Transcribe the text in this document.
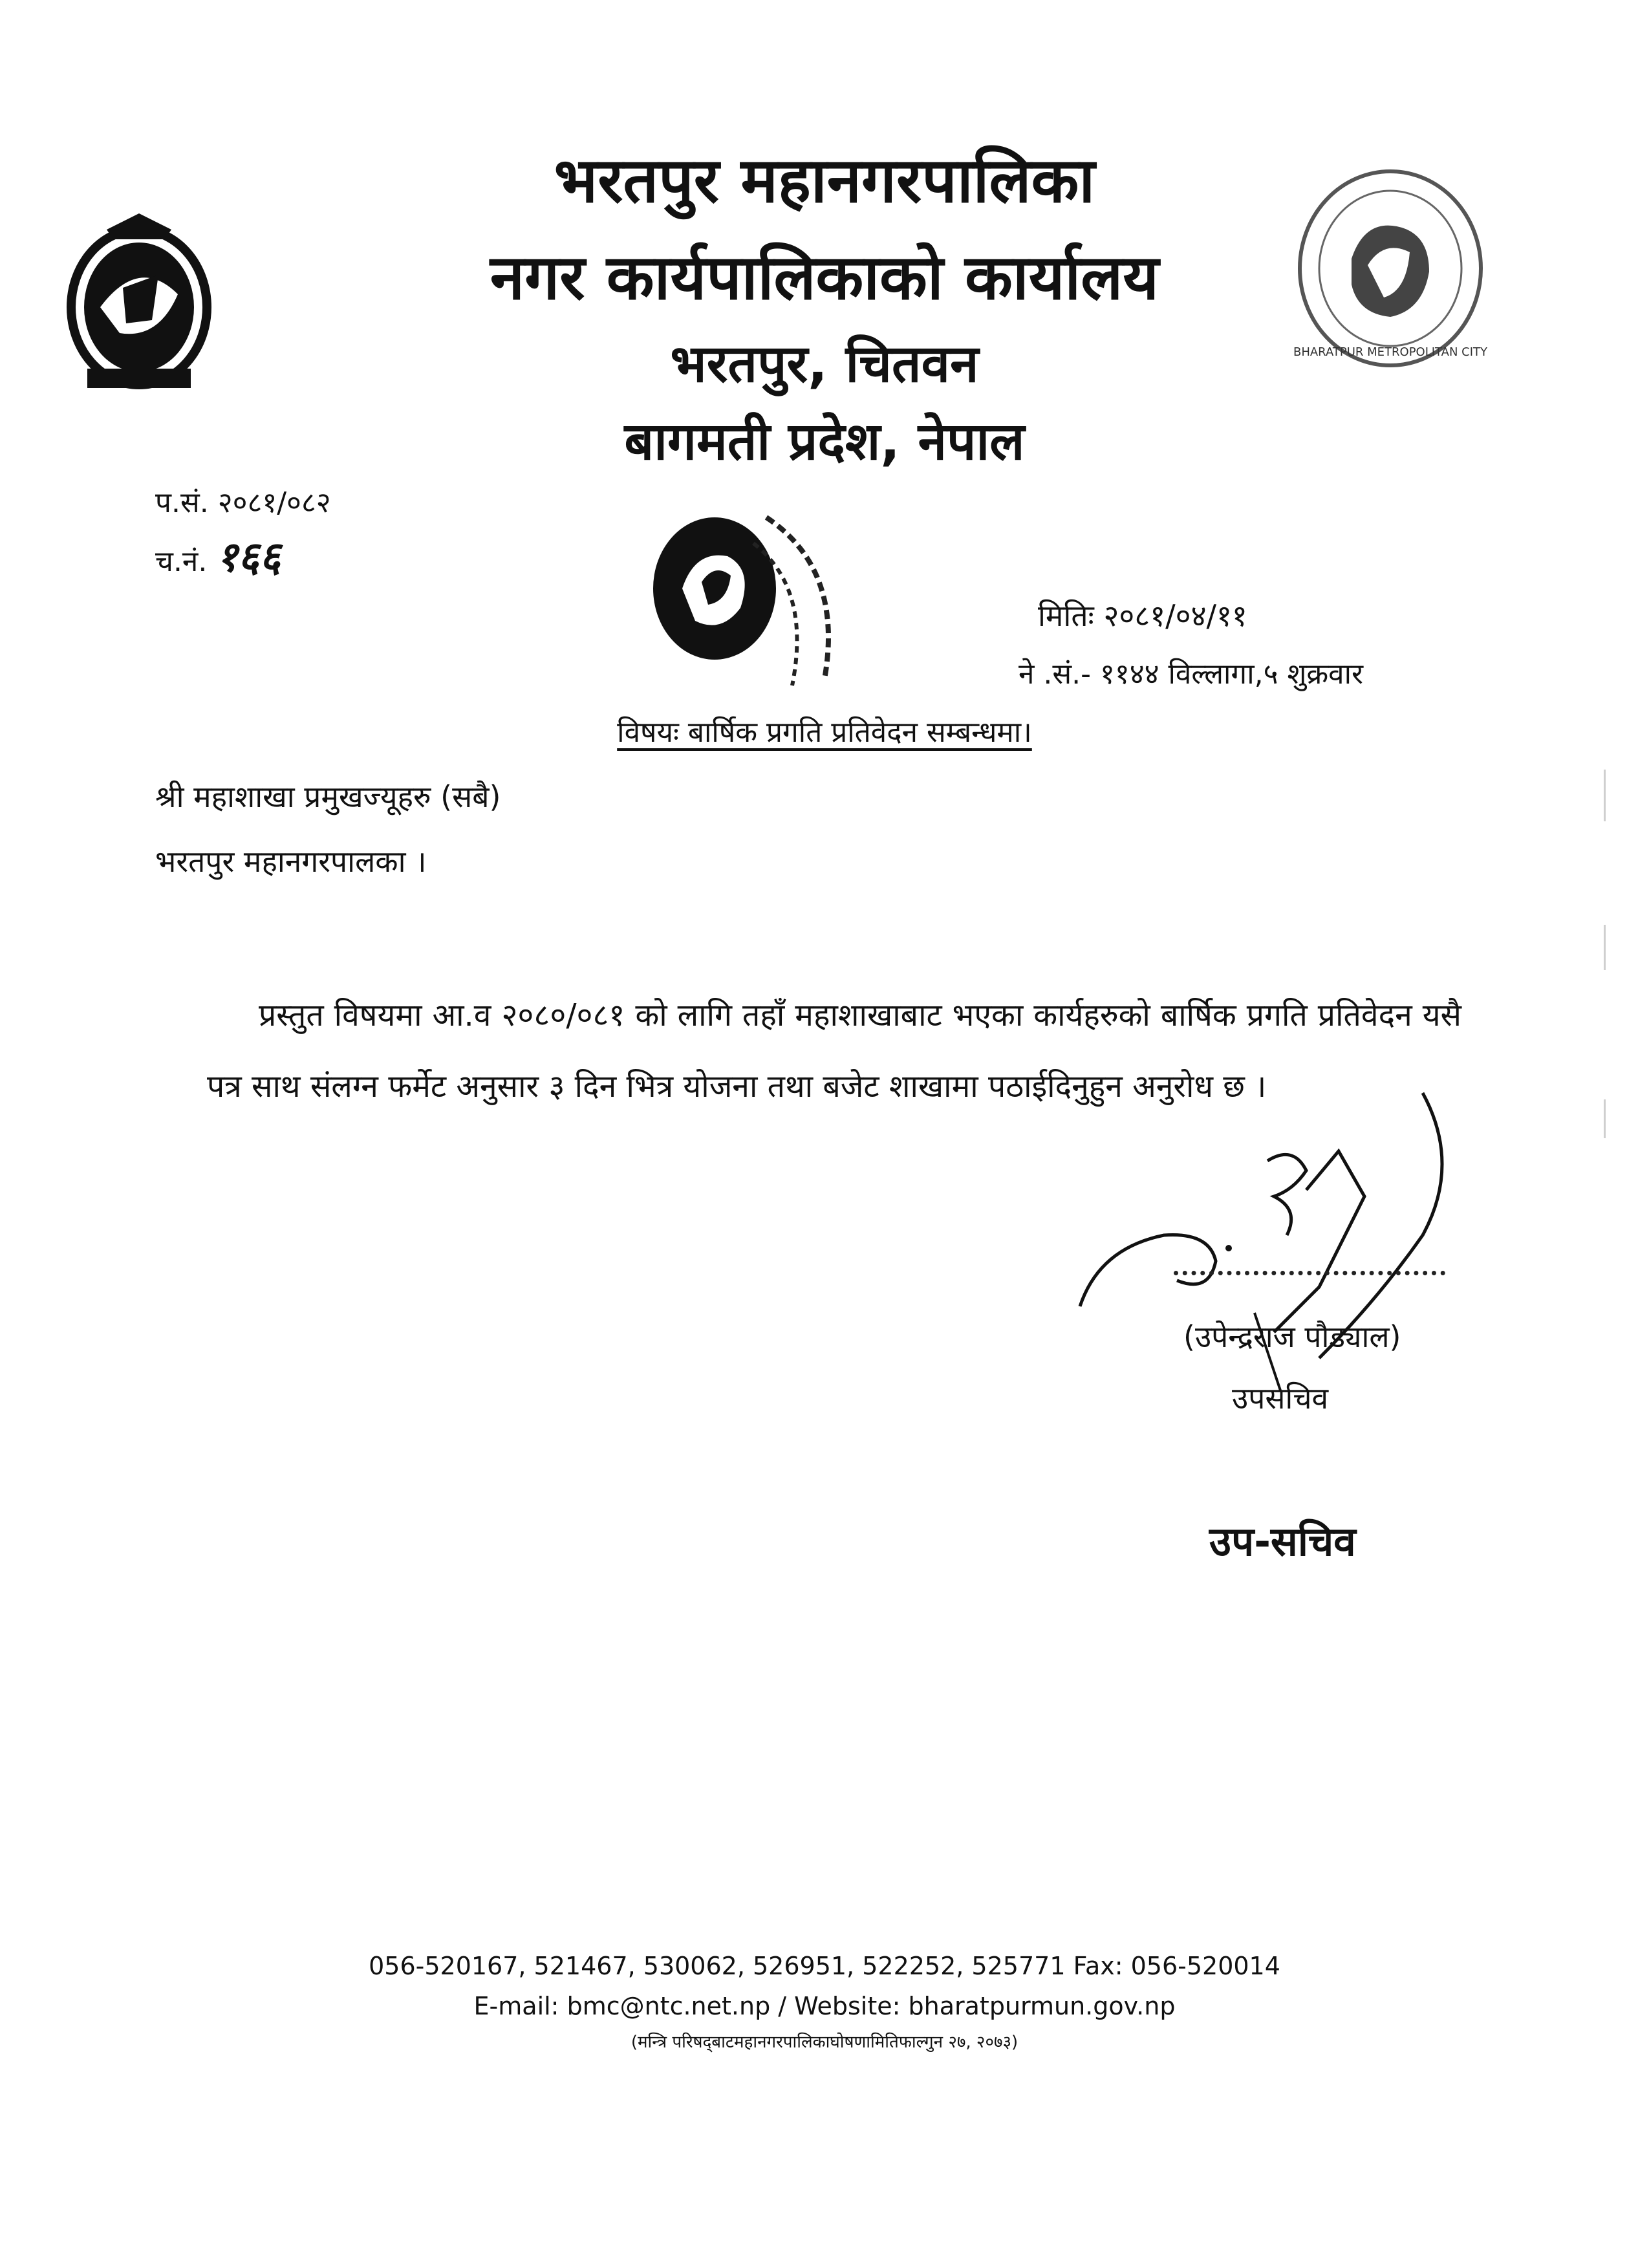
BHARATPUR METROPOLITAN CITY
भरतपुर महानगरपालिका
नगर कार्यपालिकाको कार्यालय
भरतपुर, चितवन
बागमती प्रदेश, नेपाल
प.सं. २०८१/०८२
च.नं. १६६
मितिः २०८१/०४/११
ने .सं.- ११४४ विल्लागा,५ शुक्रवार
विषयः बार्षिक प्रगति प्रतिवेदन सम्बन्धमा।
श्री महाशाखा प्रमुखज्यूहरु (सबै)
भरतपुर महानगरपालका ।
प्रस्तुत विषयमा आ.व २०८०/०८१ को लागि तहाँ महाशाखाबाट भएका कार्यहरुको बार्षिक प्रगति प्रतिवेदन यसै पत्र साथ संलग्न फर्मेट अनुसार ३ दिन भित्र योजना तथा बजेट शाखामा पठाईदिनुहुन अनुरोध छ ।
(उपेन्द्रराज पौड्याल)
उपसचिव
उप-सचिव
056-520167, 521467, 530062, 526951, 522252, 525771 Fax: 056-520014
E-mail: bmc@ntc.net.np / Website: bharatpurmun.gov.np
(मन्त्रि परिषद्‌बाटमहानगरपालिकाघोषणामितिफाल्गुन २७, २०७३)
